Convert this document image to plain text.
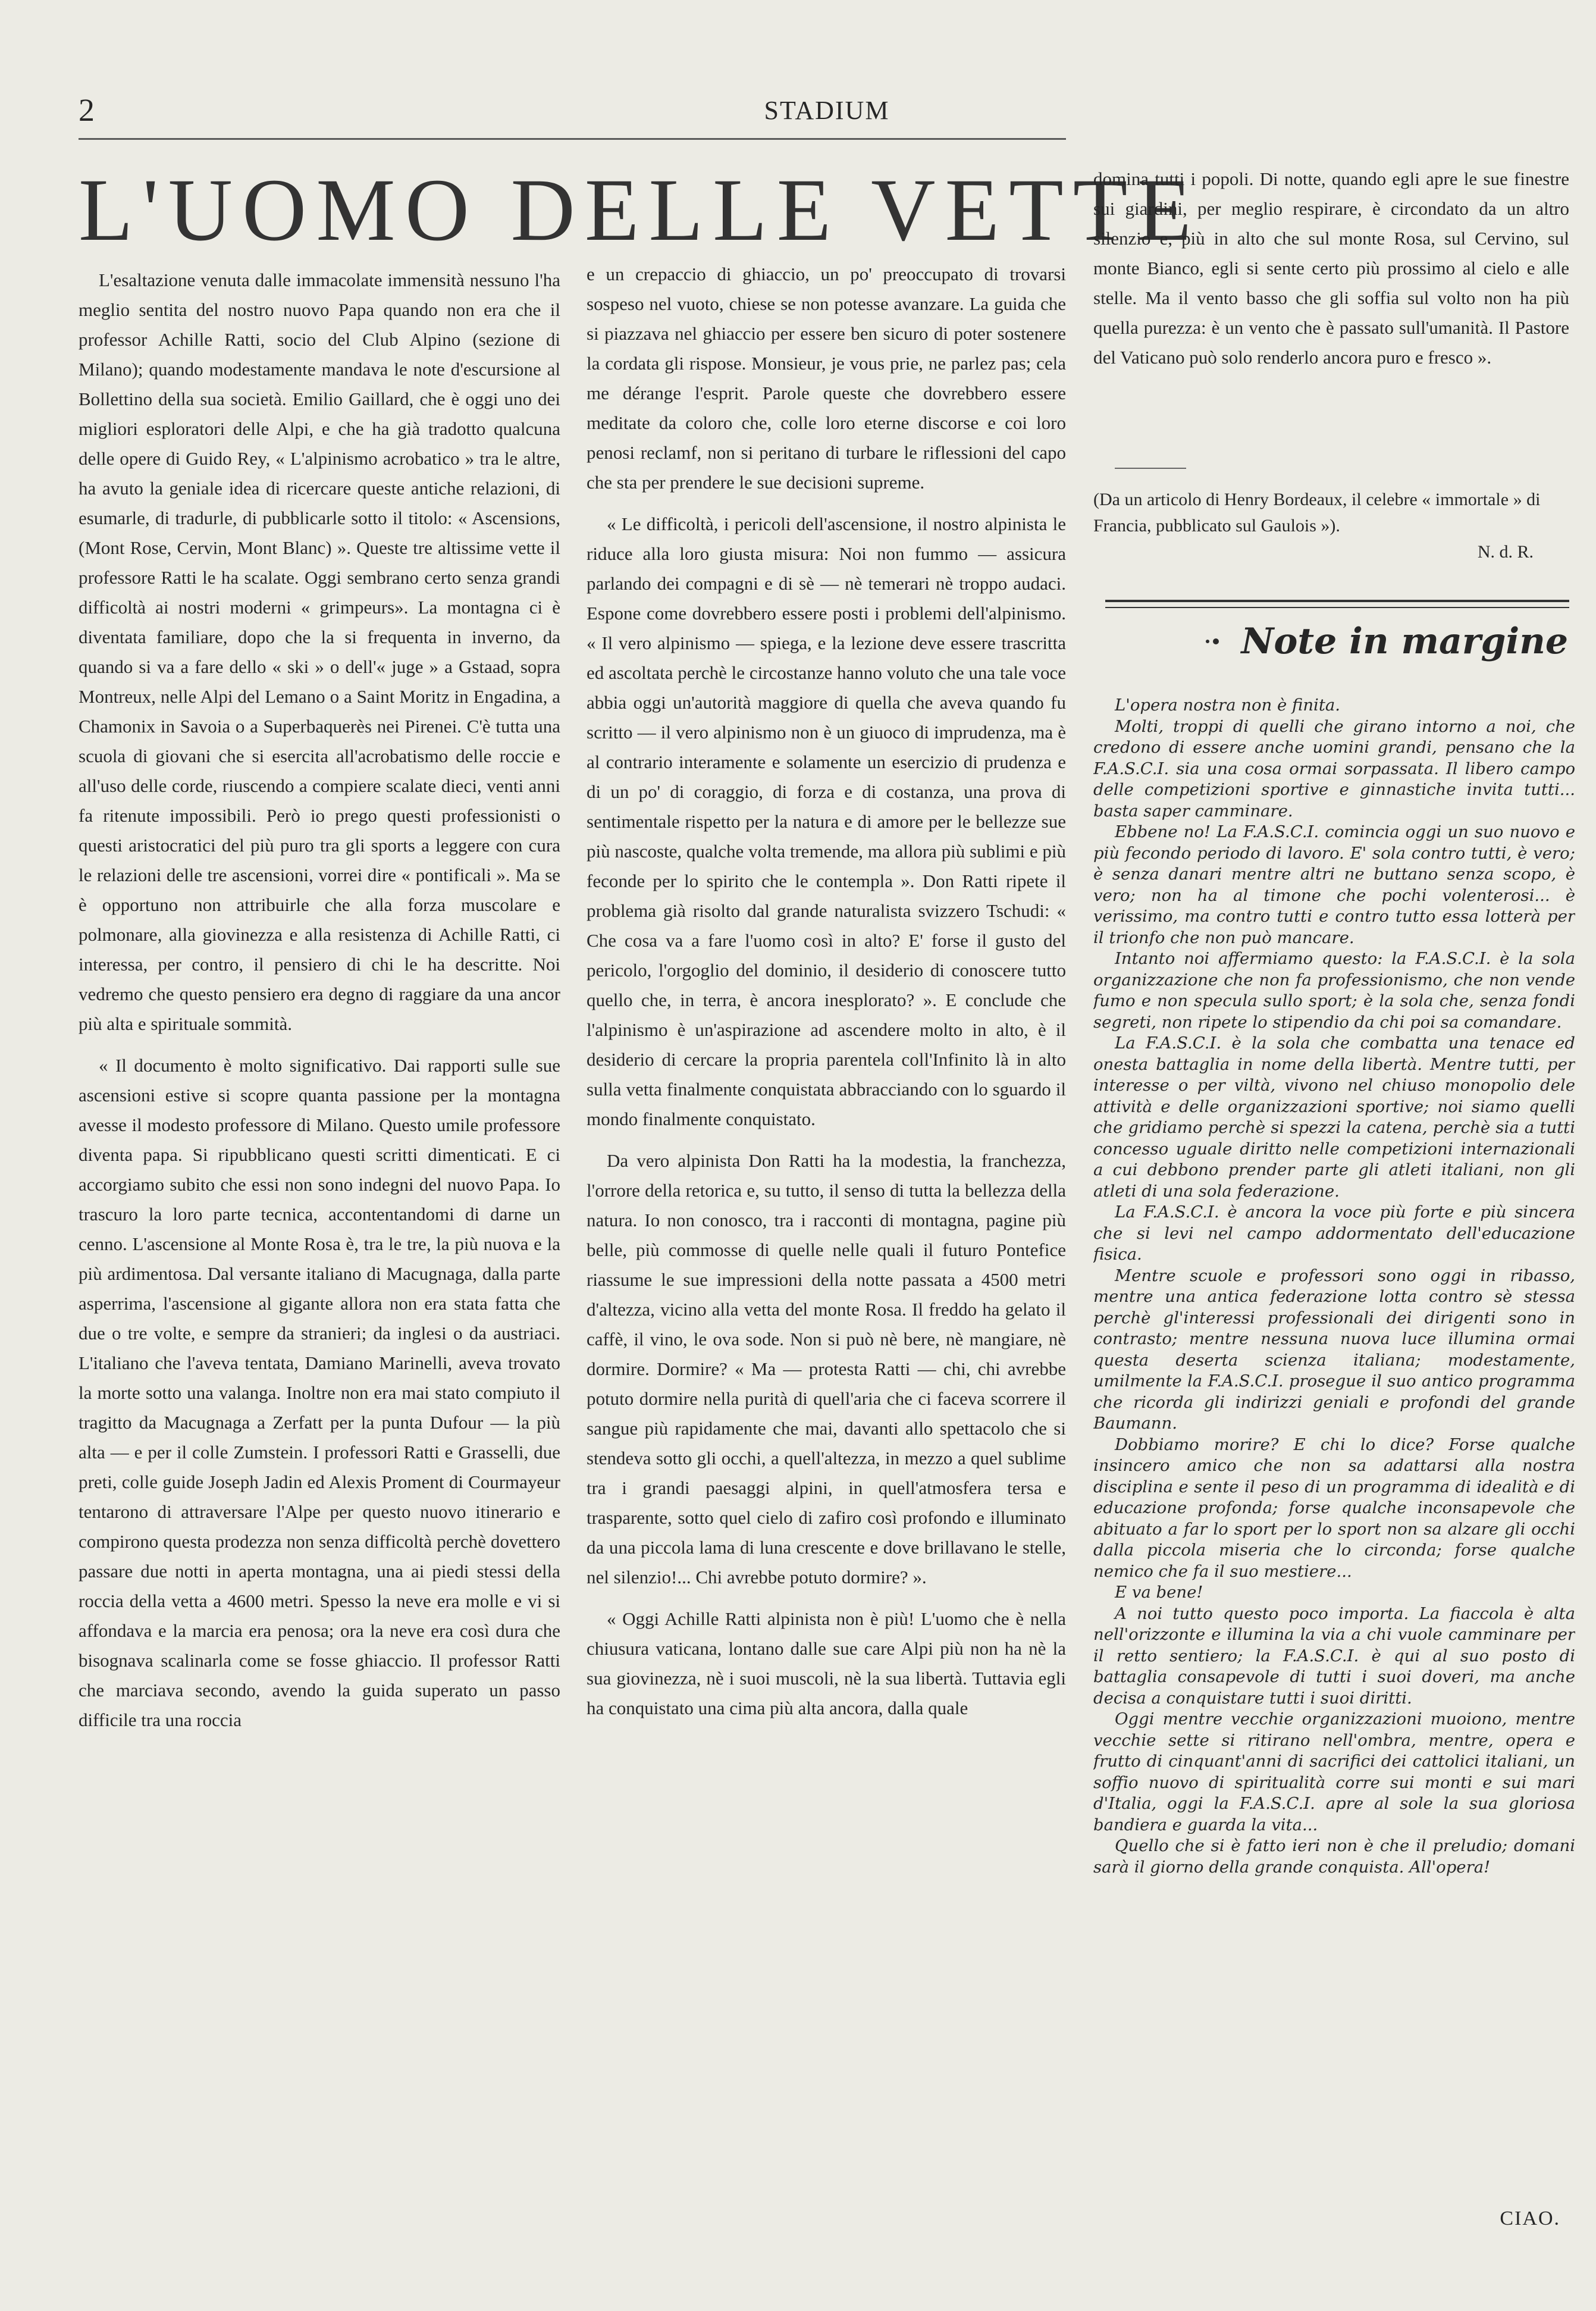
2	STADIUM
L'UOMO DELLE VETTE

L'esaltazione venuta dalle immacolate immensità nessuno l'ha meglio sentita del nostro nuovo Papa quando non era che il professor Achille Ratti, socio del Club Alpino (sezione di Milano); quando modestamente mandava le note d'escursione al Bollettino della sua società. Emilio Gaillard, che è oggi uno dei migliori esploratori delle Alpi, e che ha già tradotto qualcuna delle opere di Guido Rey, « L'alpinismo acrobatico » tra le altre, ha avuto la geniale idea di ricercare queste antiche relazioni, di esumarle, di tradurle, di pubblicarle sotto il titolo: « Ascensions, (Mont Rose, Cervin, Mont Blanc) ». Queste tre altissime vette il professore Ratti le ha scalate. Oggi sembrano certo senza grandi difficoltà ai nostri moderni « grimpeurs». La montagna ci è diventata familiare, dopo che la si frequenta in inverno, da quando si va a fare dello « ski » o dell'« juge » a Gstaad, sopra Montreux, nelle Alpi del Lemano o a Saint Moritz in Engadina, a Chamonix in Savoia o a Superbaquerès nei Pirenei. C'è tutta una scuola di giovani che si esercita all'acrobatismo delle roccie e all'uso delle corde, riuscendo a compiere scalate dieci, venti anni fa ritenute impossibili. Però io prego questi professionisti o questi aristocratici del più puro tra gli sports a leggere con cura le relazioni delle tre ascensioni, vorrei dire « pontificali ». Ma se è opportuno non attribuirle che alla forza muscolare e polmonare, alla giovinezza e alla resistenza di Achille Ratti, ci interessa, per contro, il pensiero di chi le ha descritte. Noi vedremo che questo pensiero era degno di raggiare da una ancor più alta e spirituale sommità.

« Il documento è molto significativo. Dai rapporti sulle sue ascensioni estive si scopre quanta passione per la montagna avesse il modesto professore di Milano. Questo umile professore diventa papa. Si ripubblicano questi scritti dimenticati. E ci accorgiamo subito che essi non sono indegni del nuovo Papa. Io trascuro la loro parte tecnica, accontentandomi di darne un cenno. L'ascensione al Monte Rosa è, tra le tre, la più nuova e la più ardimentosa. Dal versante italiano di Macugnaga, dalla parte asperrima, l'ascensione al gigante allora non era stata fatta che due o tre volte, e sempre da stranieri; da inglesi o da austriaci. L'italiano che l'aveva tentata, Damiano Marinelli, aveva trovato la morte sotto una valanga. Inoltre non era mai stato compiuto il tragitto da Macugnaga a Zerfatt per la punta Dufour — la più alta — e per il colle Zumstein. I professori Ratti e Grasselli, due preti, colle guide Joseph Jadin ed Alexis Proment di Courmayeur tentarono di attraversare l'Alpe per questo nuovo itinerario e compirono questa prodezza non senza difficoltà perchè dovettero passare due notti in aperta montagna, una ai piedi stessi della roccia della vetta a 4600 metri. Spesso la neve era molle e vi si affondava e la marcia era penosa; ora la neve era così dura che bisognava scalinarla come se fosse ghiaccio. Il professor Ratti che marciava secondo, avendo la guida superato un passo difficile tra una roccia

e un crepaccio di ghiaccio, un po' preoccupato di trovarsi sospeso nel vuoto, chiese se non potesse avanzare. La guida che si piazzava nel ghiaccio per essere ben sicuro di poter sostenere la cordata gli rispose. Monsieur, je vous prie, ne parlez pas; cela me dérange l'esprit. Parole queste che dovrebbero essere meditate da coloro che, colle loro eterne discorse e coi loro penosi reclamf, non si peritano di turbare le riflessioni del capo che sta per prendere le sue decisioni supreme.

« Le difficoltà, i pericoli dell'ascensione, il nostro alpinista le riduce alla loro giusta misura: Noi non fummo — assicura parlando dei compagni e di sè — nè temerari nè troppo audaci. Espone come dovrebbero essere posti i problemi dell'alpinismo. « Il vero alpinismo — spiega, e la lezione deve essere trascritta ed ascoltata perchè le circostanze hanno voluto che una tale voce abbia oggi un'autorità maggiore di quella che aveva quando fu scritto — il vero alpinismo non è un giuoco di imprudenza, ma è al contrario interamente e solamente un esercizio di prudenza e di un po' di coraggio, di forza e di costanza, una prova di sentimentale rispetto per la natura e di amore per le bellezze sue più nascoste, qualche volta tremende, ma allora più sublimi e più feconde per lo spirito che le contempla ». Don Ratti ripete il problema già risolto dal grande naturalista svizzero Tschudi: « Che cosa va a fare l'uomo così in alto? E' forse il gusto del pericolo, l'orgoglio del dominio, il desiderio di conoscere tutto quello che, in terra, è ancora inesplorato? ». E conclude che l'alpinismo è un'aspirazione ad ascendere molto in alto, è il desiderio di cercare la propria parentela coll'Infinito là in alto sulla vetta finalmente conquistata abbracciando con lo sguardo il mondo finalmente conquistato.

Da vero alpinista Don Ratti ha la modestia, la franchezza, l'orrore della retorica e, su tutto, il senso di tutta la bellezza della natura. Io non conosco, tra i racconti di montagna, pagine più belle, più commosse di quelle nelle quali il futuro Pontefice riassume le sue impressioni della notte passata a 4500 metri d'altezza, vicino alla vetta del monte Rosa. Il freddo ha gelato il caffè, il vino, le ova sode. Non si può nè bere, nè mangiare, nè dormire. Dormire? « Ma — protesta Ratti — chi, chi avrebbe potuto dormire nella purità di quell'aria che ci faceva scorrere il sangue più rapidamente che mai, davanti allo spettacolo che si stendeva sotto gli occhi, a quell'altezza, in mezzo a quel sublime tra i grandi paesaggi alpini, in quell'atmosfera tersa e trasparente, sotto quel cielo di zafiro così profondo e illuminato da una piccola lama di luna crescente e dove brillavano le stelle, nel silenzio!... Chi avrebbe potuto dormire? ».

« Oggi Achille Ratti alpinista non è più! L'uomo che è nella chiusura vaticana, lontano dalle sue care Alpi più non ha nè la sua giovinezza, nè i suoi muscoli, nè la sua libertà. Tuttavia egli ha conquistato una cima più alta ancora, dalla quale

domina tutti i popoli. Di notte, quando egli apre le sue finestre sui giardini, per meglio respirare, è circondato da un altro silenzio e, più in alto che sul monte Rosa, sul Cervino, sul monte Bianco, egli si sente certo più prossimo al cielo e alle stelle. Ma il vento basso che gli soffia sul volto non ha più quella purezza: è un vento che è passato sull'umanità. Il Pastore del Vaticano può solo renderlo ancora puro e fresco ».

(Da un articolo di Henry Bordeaux, il celebre « immortale » di Francia, pubblicato sul Gaulois »).
N. d. R.
Note in margine

L'opera nostra non è finita.

Molti, troppi di quelli che girano intorno a noi, che credono di essere anche uomini grandi, pensano che la F.A.S.C.I. sia una cosa ormai sorpassata. Il libero campo delle competizioni sportive e ginnastiche invita tutti... basta saper camminare.

Ebbene no! La F.A.S.C.I. comincia oggi un suo nuovo e più fecondo periodo di lavoro. E' sola contro tutti, è vero; è senza danari mentre altri ne buttano senza scopo, è vero; non ha al timone che pochi volenterosi... è verissimo, ma contro tutti e contro tutto essa lotterà per il trionfo che non può mancare.

Intanto noi affermiamo questo: la F.A.S.C.I. è la sola organizzazione che non fa professionismo, che non vende fumo e non specula sullo sport; è la sola che, senza fondi segreti, non ripete lo stipendio da chi poi sa comandare.

La F.A.S.C.I. è la sola che combatta una tenace ed onesta battaglia in nome della libertà. Mentre tutti, per interesse o per viltà, vivono nel chiuso monopolio dele attività e delle organizzazioni sportive; noi siamo quelli che gridiamo perchè si spezzi la catena, perchè sia a tutti concesso uguale diritto nelle competizioni internazionali a cui debbono prender parte gli atleti italiani, non gli atleti di una sola federazione.

La F.A.S.C.I. è ancora la voce più forte e più sincera che si levi nel campo addormentato dell'educazione fisica.

Mentre scuole e professori sono oggi in ribasso, mentre una antica federazione lotta contro sè stessa perchè gl'interessi professionali dei dirigenti sono in contrasto; mentre nessuna nuova luce illumina ormai questa deserta scienza italiana; modestamente, umilmente la F.A.S.C.I. prosegue il suo antico programma che ricorda gli indirizzi geniali e profondi del grande Baumann.

Dobbiamo morire? E chi lo dice? Forse qualche insincero amico che non sa adattarsi alla nostra disciplina e sente il peso di un programma di idealità e di educazione profonda; forse qualche inconsapevole che abituato a far lo sport per lo sport non sa alzare gli occhi dalla piccola miseria che lo circonda; forse qualche nemico che fa il suo mestiere...

E va bene!

A noi tutto questo poco importa. La fiaccola è alta nell'orizzonte e illumina la via a chi vuole camminare per il retto sentiero; la F.A.S.C.I. è qui al suo posto di battaglia consapevole di tutti i suoi doveri, ma anche decisa a conquistare tutti i suoi diritti.

Oggi mentre vecchie organizzazioni muoiono, mentre vecchie sette si ritirano nell'ombra, mentre, opera e frutto di cinquant'anni di sacrifici dei cattolici italiani, un soffio nuovo di spiritualità corre sui monti e sui mari d'Italia, oggi la F.A.S.C.I. apre al sole la sua gloriosa bandiera e guarda la vita...

Quello che si è fatto ieri non è che il preludio; domani sarà il giorno della grande conquista. All'opera!

CIAO.
